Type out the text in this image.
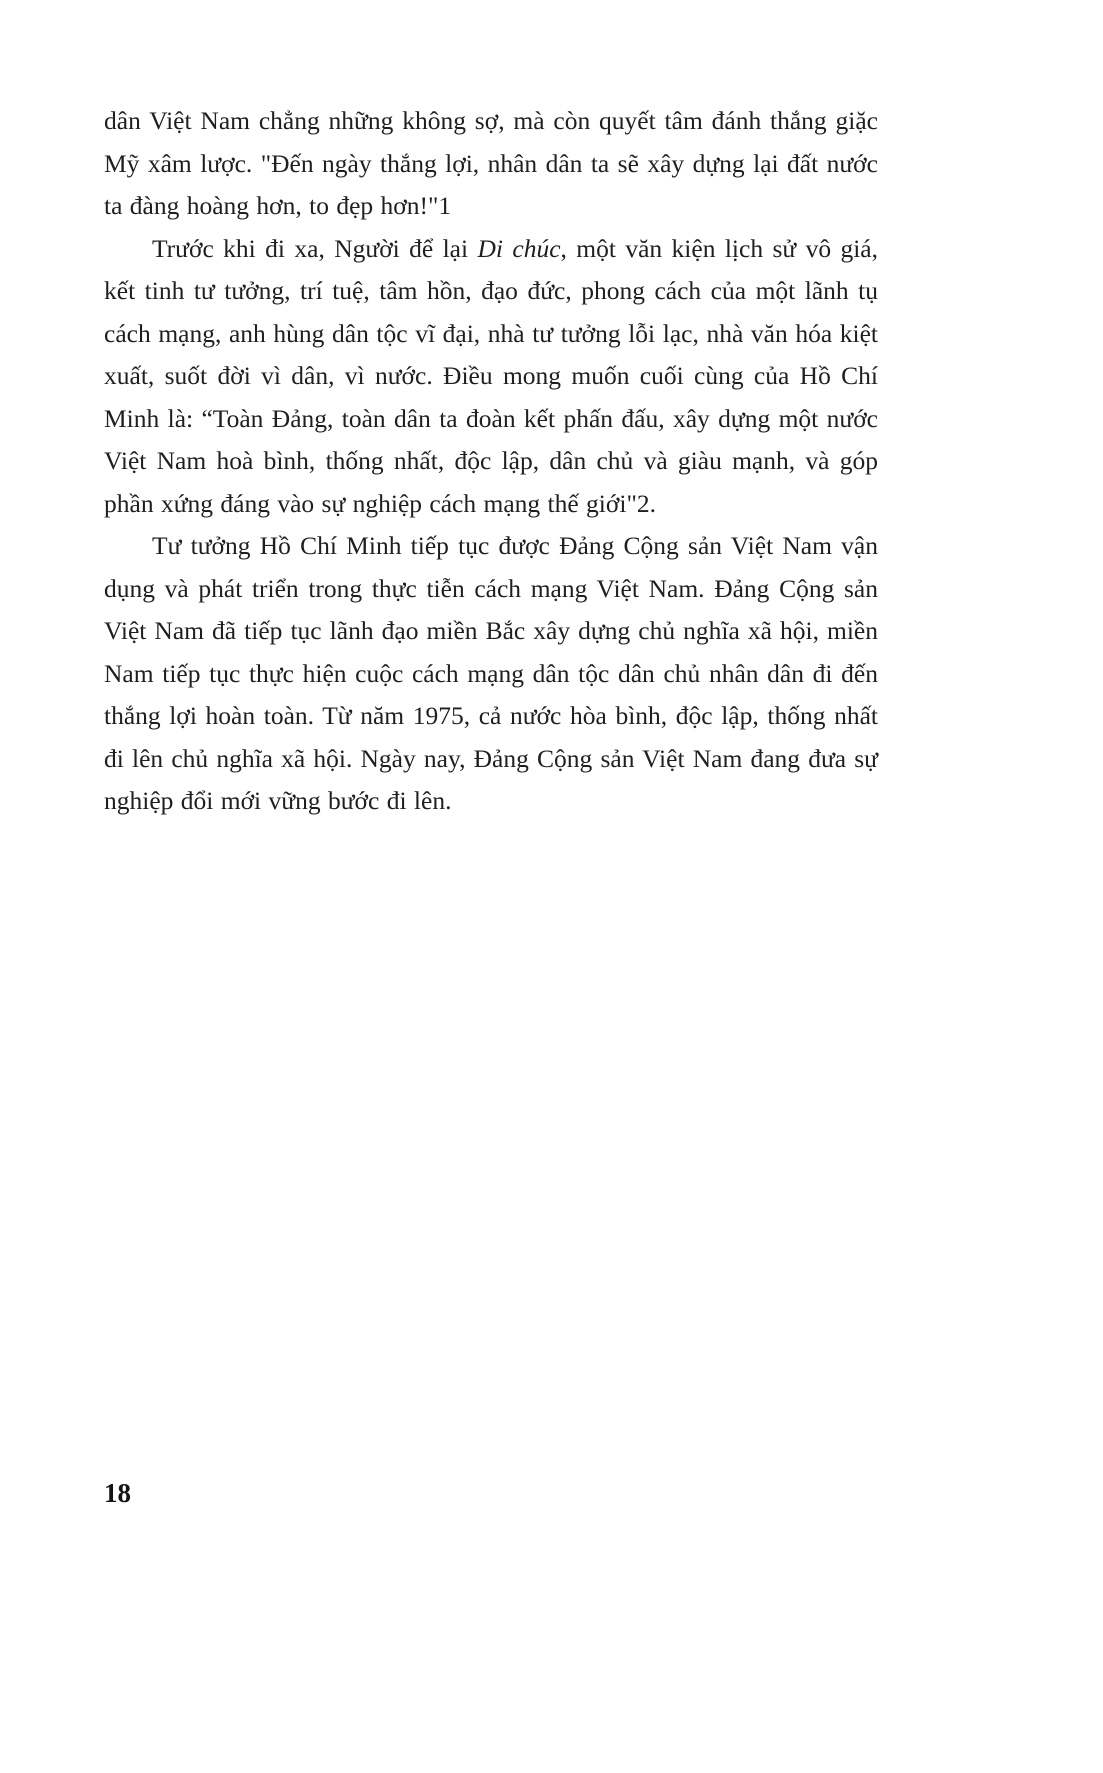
dân Việt Nam chẳng những không sợ, mà còn quyết tâm đánh thắng giặc Mỹ xâm lược. "Đến ngày thắng lợi, nhân dân ta sẽ xây dựng lại đất nước ta đàng hoàng hơn, to đẹp hơn!"1

Trước khi đi xa, Người để lại Di chúc, một văn kiện lịch sử vô giá, kết tinh tư tưởng, trí tuệ, tâm hồn, đạo đức, phong cách của một lãnh tụ cách mạng, anh hùng dân tộc vĩ đại, nhà tư tưởng lỗi lạc, nhà văn hóa kiệt xuất, suốt đời vì dân, vì nước. Điều mong muốn cuối cùng của Hồ Chí Minh là: “Toàn Đảng, toàn dân ta đoàn kết phấn đấu, xây dựng một nước Việt Nam hoà bình, thống nhất, độc lập, dân chủ và giàu mạnh, và góp phần xứng đáng vào sự nghiệp cách mạng thế giới"2.

Tư tưởng Hồ Chí Minh tiếp tục được Đảng Cộng sản Việt Nam vận dụng và phát triển trong thực tiễn cách mạng Việt Nam. Đảng Cộng sản Việt Nam đã tiếp tục lãnh đạo miền Bắc xây dựng chủ nghĩa xã hội, miền Nam tiếp tục thực hiện cuộc cách mạng dân tộc dân chủ nhân dân đi đến thắng lợi hoàn toàn. Từ năm 1975, cả nước hòa bình, độc lập, thống nhất đi lên chủ nghĩa xã hội. Ngày nay, Đảng Cộng sản Việt Nam đang đưa sự nghiệp đổi mới vững bước đi lên.

18
